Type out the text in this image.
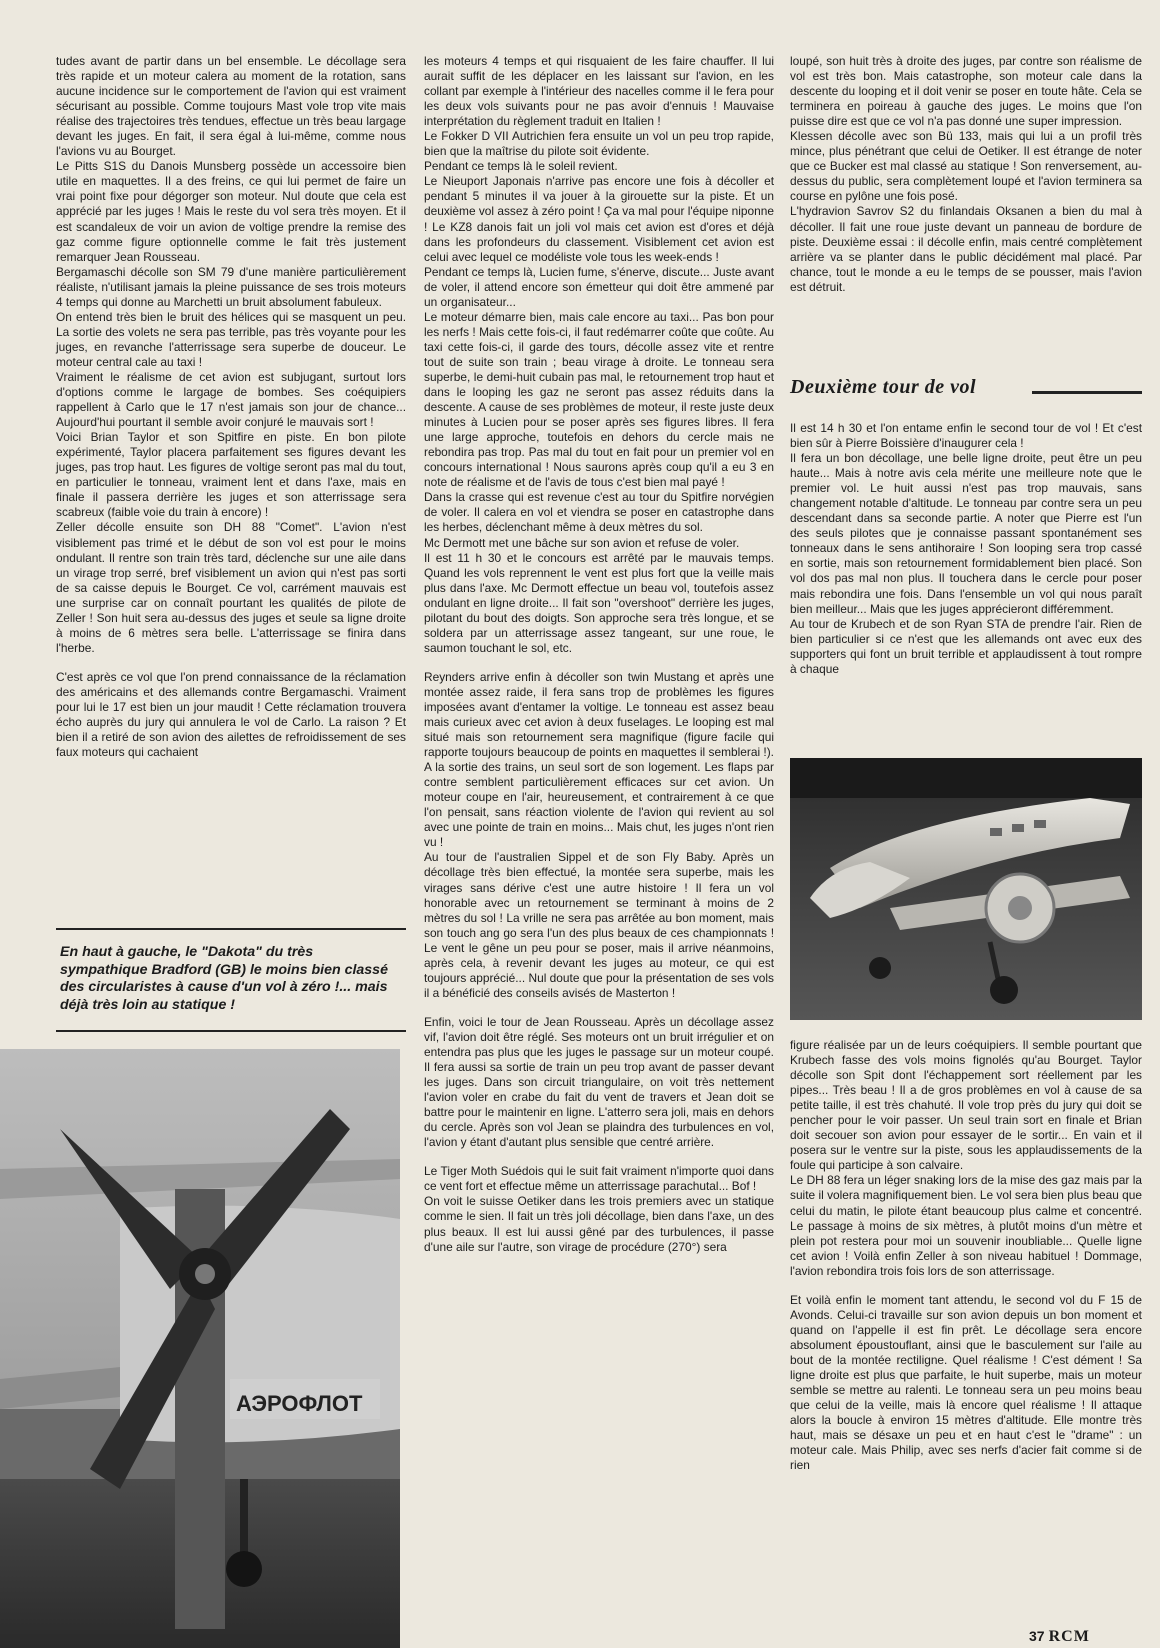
tudes avant de partir dans un bel ensemble. Le décollage sera très rapide et un moteur calera au moment de la rotation, sans aucune incidence sur le comportement de l'avion qui est vraiment sécurisant au possible. Comme toujours Mast vole trop vite mais réalise des trajectoires très tendues, effectue un très beau largage devant les juges. En fait, il sera égal à lui-même, comme nous l'avions vu au Bourget.

Le Pitts S1S du Danois Munsberg possède un accessoire bien utile en maquettes. Il a des freins, ce qui lui permet de faire un vrai point fixe pour dégorger son moteur. Nul doute que cela est apprécié par les juges ! Mais le reste du vol sera très moyen. Et il est scandaleux de voir un avion de voltige prendre la remise des gaz comme figure optionnelle comme le fait très justement remarquer Jean Rousseau.

Bergamaschi décolle son SM 79 d'une manière particulièrement réaliste, n'utilisant jamais la pleine puissance de ses trois moteurs 4 temps qui donne au Marchetti un bruit absolument fabuleux.

On entend très bien le bruit des hélices qui se masquent un peu. La sortie des volets ne sera pas terrible, pas très voyante pour les juges, en revanche l'atterrissage sera superbe de douceur. Le moteur central cale au taxi !

Vraiment le réalisme de cet avion est subjugant, surtout lors d'options comme le largage de bombes. Ses coéquipiers rappellent à Carlo que le 17 n'est jamais son jour de chance... Aujourd'hui pourtant il semble avoir conjuré le mauvais sort !

Voici Brian Taylor et son Spitfire en piste. En bon pilote expérimenté, Taylor placera parfaitement ses figures devant les juges, pas trop haut. Les figures de voltige seront pas mal du tout, en particulier le tonneau, vraiment lent et dans l'axe, mais en finale il passera derrière les juges et son atterrissage sera scabreux (faible voie du train à encore) !

Zeller décolle ensuite son DH 88 "Comet". L'avion n'est visiblement pas trimé et le début de son vol est pour le moins ondulant. Il rentre son train très tard, déclenche sur une aile dans un virage trop serré, bref visiblement un avion qui n'est pas sorti de sa caisse depuis le Bourget. Ce vol, carrément mauvais est une surprise car on connaît pourtant les qualités de pilote de Zeller ! Son huit sera au-dessus des juges et seule sa ligne droite à moins de 6 mètres sera belle. L'atterrissage se finira dans l'herbe.

C'est après ce vol que l'on prend connaissance de la réclamation des américains et des allemands contre Bergamaschi. Vraiment pour lui le 17 est bien un jour maudit ! Cette réclamation trouvera écho auprès du jury qui annulera le vol de Carlo. La raison ? Et bien il a retiré de son avion des ailettes de refroidissement de ses faux moteurs qui cachaient

En haut à gauche, le "Dakota" du très sympathique Bradford (GB) le moins bien classé des circularistes à cause d'un vol à zéro !... mais déjà très loin au statique !

les moteurs 4 temps et qui risquaient de les faire chauffer. Il lui aurait suffit de les déplacer en les laissant sur l'avion, en les collant par exemple à l'intérieur des nacelles comme il le fera pour les deux vols suivants pour ne pas avoir d'ennuis ! Mauvaise interprétation du règlement traduit en Italien !

Le Fokker D VII Autrichien fera ensuite un vol un peu trop rapide, bien que la maîtrise du pilote soit évidente.

Pendant ce temps là le soleil revient.

Le Nieuport Japonais n'arrive pas encore une fois à décoller et pendant 5 minutes il va jouer à la girouette sur la piste. Et un deuxième vol assez à zéro point ! Ça va mal pour l'équipe niponne ! Le KZ8 danois fait un joli vol mais cet avion est d'ores et déjà dans les profondeurs du classement. Visiblement cet avion est celui avec lequel ce modéliste vole tous les week-ends !

Pendant ce temps là, Lucien fume, s'énerve, discute... Juste avant de voler, il attend encore son émetteur qui doit être ammené par un organisateur...

Le moteur démarre bien, mais cale encore au taxi... Pas bon pour les nerfs ! Mais cette fois-ci, il faut redémarrer coûte que coûte. Au taxi cette fois-ci, il garde des tours, décolle assez vite et rentre tout de suite son train ; beau virage à droite. Le tonneau sera superbe, le demi-huit cubain pas mal, le retournement trop haut et dans le looping les gaz ne seront pas assez réduits dans la descente. A cause de ses problèmes de moteur, il reste juste deux minutes à Lucien pour se poser après ses figures libres. Il fera une large approche, toutefois en dehors du cercle mais ne rebondira pas trop. Pas mal du tout en fait pour un premier vol en concours international ! Nous saurons après coup qu'il a eu 3 en note de réalisme et de l'avis de tous c'est bien mal payé !

Dans la crasse qui est revenue c'est au tour du Spitfire norvégien de voler. Il calera en vol et viendra se poser en catastrophe dans les herbes, déclenchant même à deux mètres du sol.

Mc Dermott met une bâche sur son avion et refuse de voler.

Il est 11 h 30 et le concours est arrêté par le mauvais temps. Quand les vols reprennent le vent est plus fort que la veille mais plus dans l'axe. Mc Dermott effectue un beau vol, toutefois assez ondulant en ligne droite... Il fait son "overshoot" derrière les juges, pilotant du bout des doigts. Son approche sera très longue, et se soldera par un atterrissage assez tangeant, sur une roue, le saumon touchant le sol, etc.

Reynders arrive enfin à décoller son twin Mustang et après une montée assez raide, il fera sans trop de problèmes les figures imposées avant d'entamer la voltige. Le tonneau est assez beau mais curieux avec cet avion à deux fuselages. Le looping est mal situé mais son retournement sera magnifique (figure facile qui rapporte toujours beaucoup de points en maquettes il semblerai !). A la sortie des trains, un seul sort de son logement. Les flaps par contre semblent particulièrement efficaces sur cet avion. Un moteur coupe en l'air, heureusement, et contrairement à ce que l'on pensait, sans réaction violente de l'avion qui revient au sol avec une pointe de train en moins... Mais chut, les juges n'ont rien vu !

Au tour de l'australien Sippel et de son Fly Baby. Après un décollage très bien effectué, la montée sera superbe, mais les virages sans dérive c'est une autre histoire ! Il fera un vol honorable avec un retournement se terminant à moins de 2 mètres du sol ! La vrille ne sera pas arrêtée au bon moment, mais son touch ang go sera l'un des plus beaux de ces championnats ! Le vent le gêne un peu pour se poser, mais il arrive néanmoins, après cela, à revenir devant les juges au moteur, ce qui est toujours apprécié... Nul doute que pour la présentation de ses vols il a bénéficié des conseils avisés de Masterton !

Enfin, voici le tour de Jean Rousseau. Après un décollage assez vif, l'avion doit être réglé. Ses moteurs ont un bruit irrégulier et on entendra pas plus que les juges le passage sur un moteur coupé. Il fera aussi sa sortie de train un peu trop avant de passer devant les juges. Dans son circuit triangulaire, on voit très nettement l'avion voler en crabe du fait du vent de travers et Jean doit se battre pour le maintenir en ligne. L'atterro sera joli, mais en dehors du cercle. Après son vol Jean se plaindra des turbulences en vol, l'avion y étant d'autant plus sensible que centré arrière.

Le Tiger Moth Suédois qui le suit fait vraiment n'importe quoi dans ce vent fort et effectue même un atterrissage parachutal... Bof !

On voit le suisse Oetiker dans les trois premiers avec un statique comme le sien. Il fait un très joli décollage, bien dans l'axe, un des plus beaux. Il est lui aussi gêné par des turbulences, il passe d'une aile sur l'autre, son virage de procédure (270°) sera

loupé, son huit très à droite des juges, par contre son réalisme de vol est très bon. Mais catastrophe, son moteur cale dans la descente du looping et il doit venir se poser en toute hâte. Cela se terminera en poireau à gauche des juges. Le moins que l'on puisse dire est que ce vol n'a pas donné une super impression.

Klessen décolle avec son Bü 133, mais qui lui a un profil très mince, plus pénétrant que celui de Oetiker. Il est étrange de noter que ce Bucker est mal classé au statique ! Son renversement, au-dessus du public, sera complètement loupé et l'avion terminera sa course en pylône une fois posé.

L'hydravion Savrov S2 du finlandais Oksanen a bien du mal à décoller. Il fait une roue juste devant un panneau de bordure de piste. Deuxième essai : il décolle enfin, mais centré complètement arrière va se planter dans le public décidément mal placé. Par chance, tout le monde a eu le temps de se pousser, mais l'avion est détruit.

Deuxième tour de vol

Il est 14 h 30 et l'on entame enfin le second tour de vol ! Et c'est bien sûr à Pierre Boissière d'inaugurer cela !

Il fera un bon décollage, une belle ligne droite, peut être un peu haute... Mais à notre avis cela mérite une meilleure note que le premier vol. Le huit aussi n'est pas trop mauvais, sans changement notable d'altitude. Le tonneau par contre sera un peu descendant dans sa seconde partie. A noter que Pierre est l'un des seuls pilotes que je connaisse passant spontanément ses tonneaux dans le sens antihoraire ! Son looping sera trop cassé en sortie, mais son retournement formidablement bien placé. Son vol dos pas mal non plus. Il touchera dans le cercle pour poser mais rebondira une fois. Dans l'ensemble un vol qui nous paraît bien meilleur... Mais que les juges apprécieront différemment.

Au tour de Krubech et de son Ryan STA de prendre l'air. Rien de bien particulier si ce n'est que les allemands ont avec eux des supporters qui font un bruit terrible et applaudissent à tout rompre à chaque

figure réalisée par un de leurs coéquipiers. Il semble pourtant que Krubech fasse des vols moins fignolés qu'au Bourget. Taylor décolle son Spit dont l'échappement sort réellement par les pipes... Très beau ! Il a de gros problèmes en vol à cause de sa petite taille, il est très chahuté. Il vole trop près du jury qui doit se pencher pour le voir passer. Un seul train sort en finale et Brian doit secouer son avion pour essayer de le sortir... En vain et il posera sur le ventre sur la piste, sous les applaudissements de la foule qui participe à son calvaire.

Le DH 88 fera un léger snaking lors de la mise des gaz mais par la suite il volera magnifiquement bien. Le vol sera bien plus beau que celui du matin, le pilote étant beaucoup plus calme et concentré. Le passage à moins de six mètres, à plutôt moins d'un mètre et plein pot restera pour moi un souvenir inoubliable... Quelle ligne cet avion ! Voilà enfin Zeller à son niveau habituel ! Dommage, l'avion rebondira trois fois lors de son atterrissage.

Et voilà enfin le moment tant attendu, le second vol du F 15 de Avonds. Celui-ci travaille sur son avion depuis un bon moment et quand on l'appelle il est fin prêt. Le décollage sera encore absolument époustouflant, ainsi que le basculement sur l'aile au bout de la montée rectiligne. Quel réalisme ! C'est dément ! Sa ligne droite est plus que parfaite, le huit superbe, mais un moteur semble se mettre au ralenti. Le tonneau sera un peu moins beau que celui de la veille, mais là encore quel réalisme ! Il attaque alors la boucle à environ 15 mètres d'altitude. Elle montre très haut, mais se désaxe un peu et en haut c'est le "drame" : un moteur cale. Mais Philip, avec ses nerfs d'acier fait comme si de rien

АЭРОФЛОТ
37 RCM
